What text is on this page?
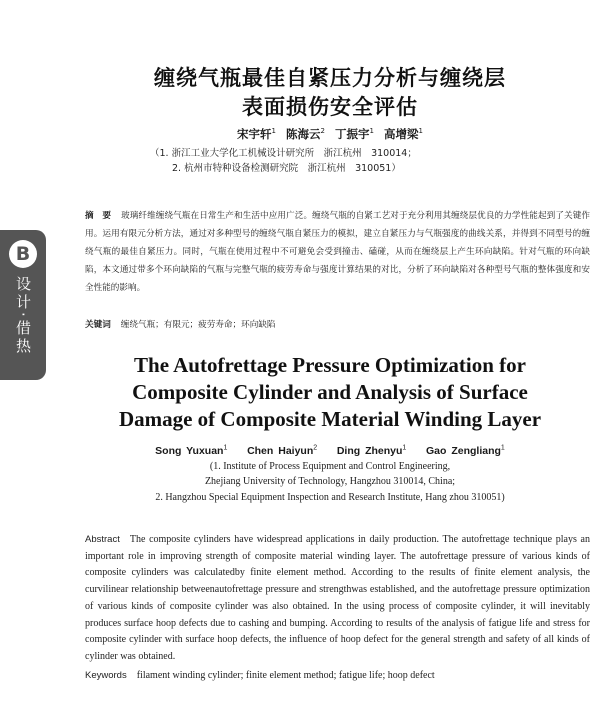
B
设计·借热
缠绕气瓶最佳自紧压力分析与缠绕层
表面损伤安全评估
宋宇轩$^1$ 陈海云$^2$ 丁振宇$^1$ 高增梁$^1$
（1. 浙江工业大学化工机械设计研究所　浙江杭州　310014；
2. 杭州市特种设备检测研究院　浙江杭州　310051）
摘　要 玻璃纤维缠绕气瓶在日常生产和生活中应用广泛。缠绕气瓶的自紧工艺对于充分利用其缠绕层优良的力学性能起到了关键作用。运用有限元分析方法，通过对多种型号的缠绕气瓶自紧压力的模拟，建立自紧压力与气瓶强度的曲线关系，并得到不同型号的缠绕气瓶的最佳自紧压力。同时，气瓶在使用过程中不可避免会受到撞击、磕碰，从而在缠绕层上产生环向缺陷。针对气瓶的环向缺陷，本文通过带多个环向缺陷的气瓶与完整气瓶的疲劳寿命与强度计算结果的对比，分析了环向缺陷对各种型号气瓶的整体强度和安全性能的影响。
关键词 缠绕气瓶；有限元；疲劳寿命；环向缺陷
The Autofrettage Pressure Optimization for
Composite Cylinder and Analysis of Surface
Damage of Composite Material Winding Layer
Song Yuxuan$^1$ Chen Haiyun$^2$ Ding Zhenyu$^1$ Gao Zengliang$^1$
(1. Institute of Process Equipment and Control Engineering,
Zhejiang University of Technology, Hangzhou 310014, China;
2. Hangzhou Special Equipment Inspection and Research Institute, Hang zhou 310051)
Abstract The composite cylinders have widespread applications in daily production. The autofrettage technique plays an important role in improving strength of composite material winding layer. The autofrettage pressure of various kinds of composite cylinders was calculatedby finite element method. According to the results of finite element analysis, the curvilinear relationship betweenautofrettage pressure and strengthwas established, and the autofrettage pressure optimization of various kinds of composite cylinder was also obtained. In the using process of composite cylinder, it will inevitably produces surface hoop defects due to cashing and bumping. According to results of the analysis of fatigue life and stress for composite cylinder with surface hoop defects, the influence of hoop defect for the general strength and safety of all kinds of cylinder was obtained.
Keywords filament winding cylinder; finite element method; fatigue life; hoop defect
